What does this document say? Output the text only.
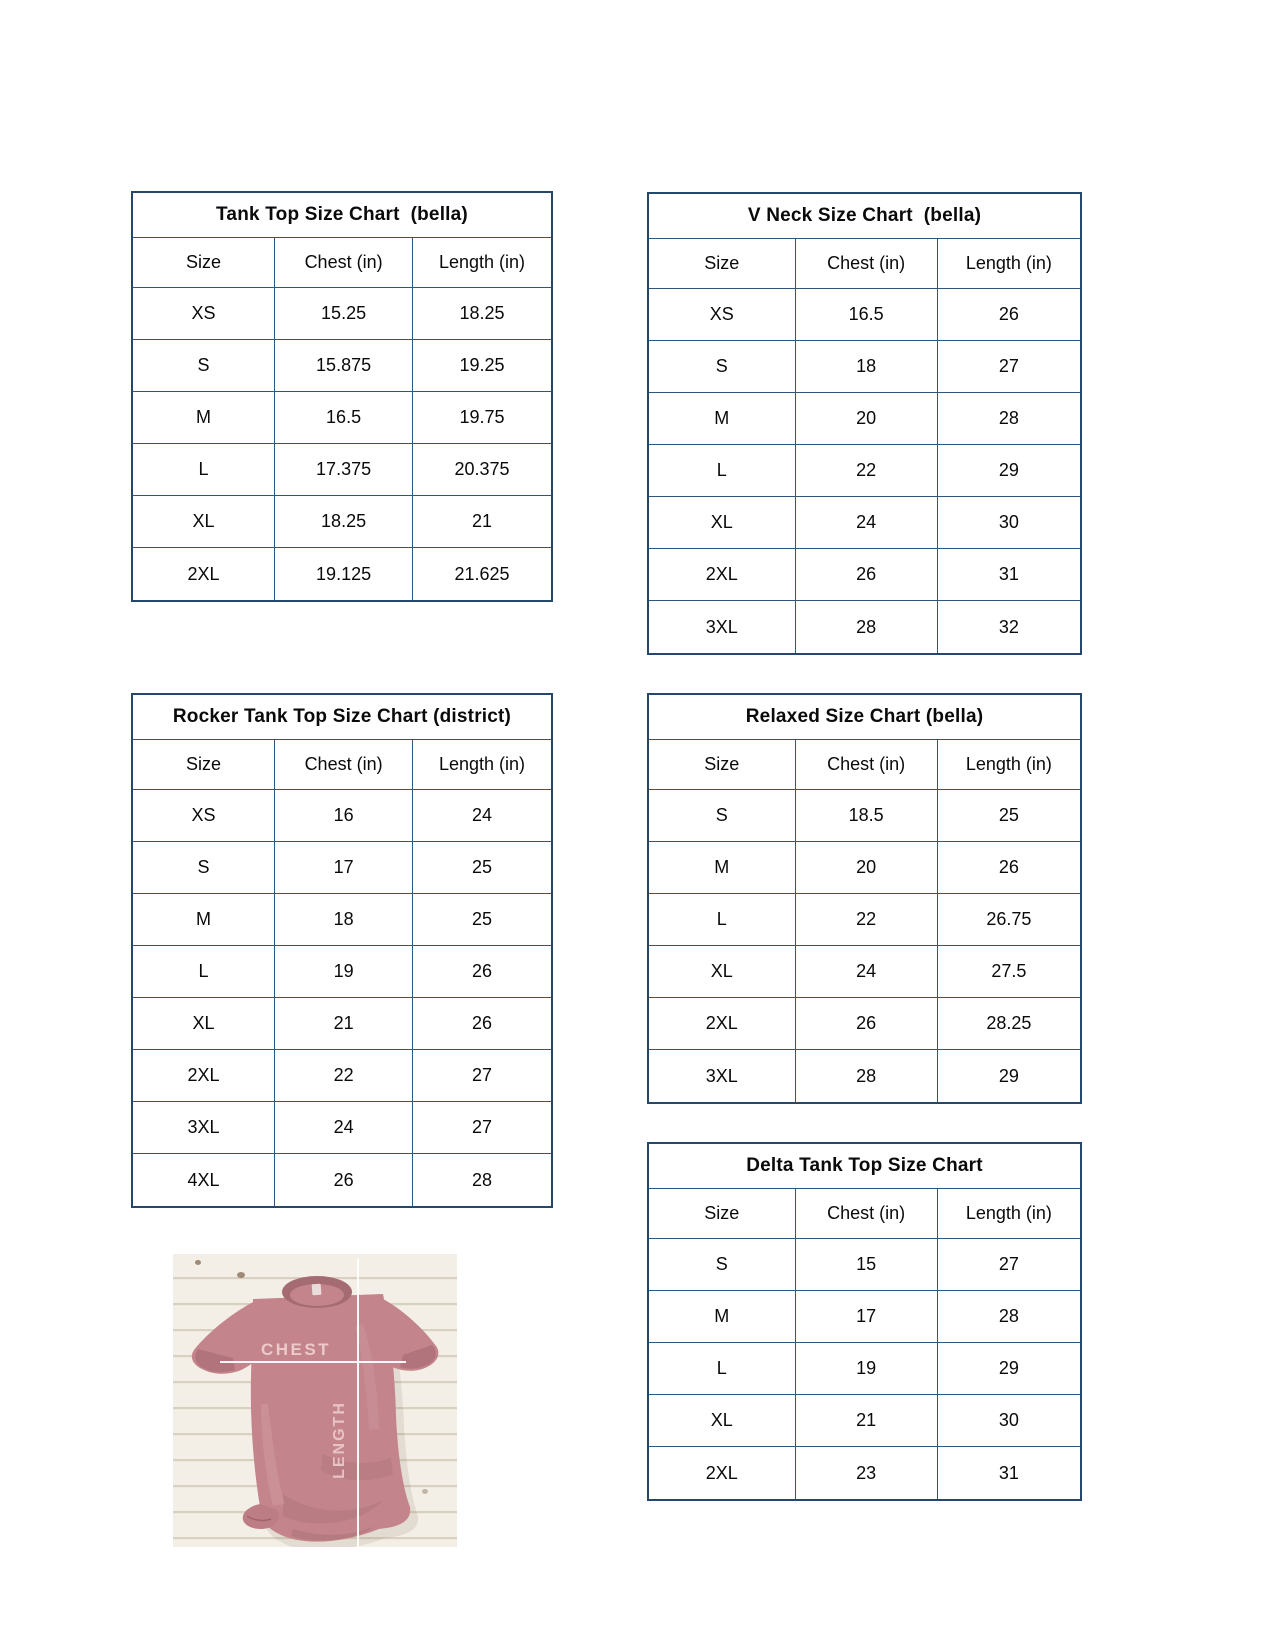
Tank Top Size Chart  (bella)
Size	Chest (in)	Length (in)
XS	15.25	18.25
S	15.875	19.25
M	16.5	19.75
L	17.375	20.375
XL	18.25	21
2XL	19.125	21.625
V Neck Size Chart  (bella)
Size	Chest (in)	Length (in)
XS	16.5	26
S	18	27
M	20	28
L	22	29
XL	24	30
2XL	26	31
3XL	28	32
Rocker Tank Top Size Chart (district)
Size	Chest (in)	Length (in)
XS	16	24
S	17	25
M	18	25
L	19	26
XL	21	26
2XL	22	27
3XL	24	27
4XL	26	28
Relaxed Size Chart (bella)
Size	Chest (in)	Length (in)
S	18.5	25
M	20	26
L	22	26.75
XL	24	27.5
2XL	26	28.25
3XL	28	29
Delta Tank Top Size Chart
Size	Chest (in)	Length (in)
S	15	27
M	17	28
L	19	29
XL	21	30
2XL	23	31
CHEST
LENGTH
